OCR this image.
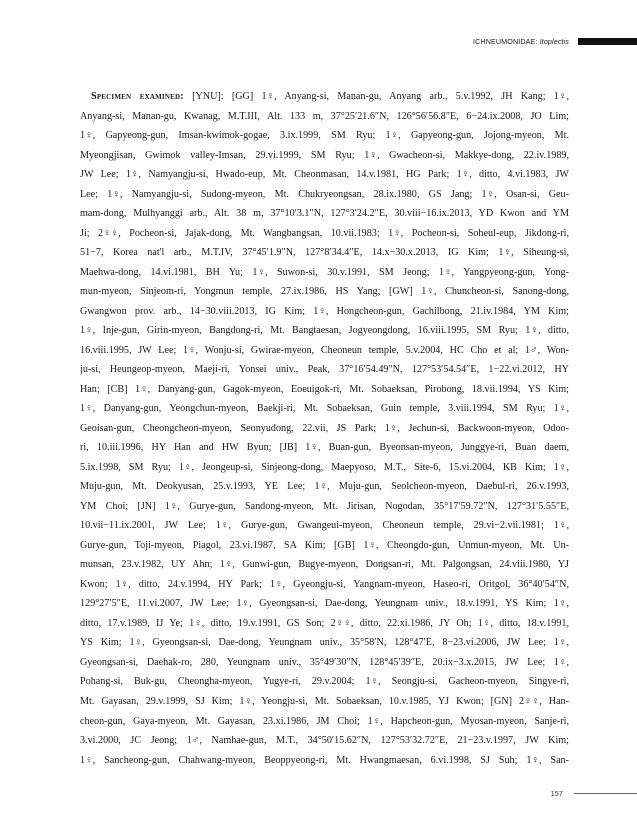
ICHNEUMONIDAE: Itoplectis
Specimen examined: [YNU]: [GG] 1♀, Anyang-si, Manan-gu, Anyang arb., 5.v.1992, JH Kang; 1♀,
Anyang-si, Manan-gu, Kwanag, M.T.III, Alt. 133 m, 37°25′21.6″N, 126°56′56.8″E, 6−24.ix.2008, JO Lim;
1♀, Gapyeong-gun, Imsan-kwimok-gogae, 3.ix.1999, SM Ryu; 1♀, Gapyeong-gun, Jojong-myeon, Mt.
Myeongjisan, Gwimok valley-Imsan, 29.vi.1999, SM Ryu; 1♀, Gwacheon-si, Makkye-dong, 22.iv.1989,
JW Lee; 1♀, Namyangju-si, Hwado-eup, Mt. Cheonmasan, 14.v.1981, HG Park; 1♀, ditto, 4.vi.1983, JW
Lee; 1♀, Namyangju-si, Sudong-myeon, Mt. Chukryeongsan, 28.ix.1980, GS Jang; 1♀, Osan-si, Geu-
mam-dong, Mulhyanggi arb., Alt. 38 m, 37°10′3.1″N, 127°3′24.2″E, 30.viii−16.ix.2013, YD Kwon and YM
Ji; 2♀♀, Pocheon-si, Jajak-dong, Mt. Wangbangsan, 10.vii.1983; 1♀, Pocheon-si, Soheul-eup, Jikdong-ri,
51−7, Korea nat'l arb., M.T.IV, 37°45′1.9″N, 127°8′34.4″E, 14.x−30.x.2013, IG Kim; 1♀, Siheung-si,
Maehwa-dong, 14.vi.1981, BH Yu; 1♀, Suwon-si, 30.v.1991, SM Jeong; 1♀, Yangpyeong-gun, Yong-
mun-myeon, Sinjeom-ri, Yongmun temple, 27.ix.1986, HS Yang; [GW] 1♀, Chuncheon-si, Sanong-dong,
Gwangwon prov. arb., 14−30.viii.2013, IG Kim; 1♀, Hongcheon-gun, Gachilbong, 21.iv.1984, YM Kim;
1♀, Inje-gun, Girin-myeon, Bangdong-ri, Mt. Bangtaesan, Jogyeongdong, 16.viii.1995, SM Ryu; 1♀, ditto,
16.viii.1995, JW Lee; 1♀, Wonju-si, Gwirae-myeon, Cheoneun temple, 5.v.2004, HC Cho et al; 1♂, Won-
ju-si, Heungeop-myeon, Maeji-ri, Yonsei univ., Peak, 37°16′54.49″N, 127°53′54.54″E, 1−22.vi.2012, HY
Han; [CB] 1♀, Danyang-gun, Gagok-myeon, Eoeuigok-ri, Mt. Sobaeksan, Pirobong, 18.vii.1994, YS Kim;
1♀, Danyang-gun, Yeongchun-myeon, Baekji-ri, Mt. Sobaeksan, Guin temple, 3.viii.1994, SM Ryu; 1♀,
Geoisan-gun, Cheongcheon-myeon, Seonyudong, 22.vii, JS Park; 1♀, Jechun-si, Backwoon-myeon, Odoo-
ri, 10.iii.1996, HY Han and HW Byun; [JB] 1♀, Buan-gun, Byeonsan-myeon, Junggye-ri, Buan daem,
5.ix.1998, SM Ryu; 1♀, Jeongeup-si, Sinjeong-dong, Maepyoso, M.T., Site-6, 15.vi.2004, KB Kim; 1♀,
Muju-gun, Mt. Deokyusan, 25.v.1993, YE Lee; 1♀, Muju-gun, Seolcheon-myeon, Daebul-ri, 26.v.1993,
YM Choi; [JN] 1♀, Gurye-gun, Sandong-myeon, Mt. Jirisan, Nogodan, 35°17′59.72″N, 127°31′5.55″E,
10.vii−11.ix.2001, JW Lee; 1♀, Gurye-gun, Gwangeui-myeon, Cheoneun temple, 29.vi−2.vii.1981; 1♀,
Gurye-gun, Toji-myeon, Piagol, 23.vi.1987, SA Kim; [GB] 1♀, Cheongdo-gun, Unmun-myeon, Mt. Un-
munsan, 23.v.1982, UY Ahn; 1♀, Gunwi-gun, Bugye-myeon, Dongsan-ri, Mt. Palgongsan, 24.viii.1980, YJ
Kwon; 1♀, ditto, 24.v.1994, HY Park; 1♀, Gyeongju-si, Yangnam-myeon, Haseo-ri, Oritgol, 36°40′54″N,
129°27′5″E, 11.vi.2007, JW Lee; 1♀, Gyeongsan-si, Dae-dong, Yeungnam univ., 18.v.1991, YS Kim; 1♀,
ditto, 17.v.1989, IJ Ye; 1♀, ditto, 19.v.1991, GS Son; 2♀♀, ditto, 22.xi.1986, JY Oh; 1♀, ditto, 18.v.1991,
YS Kim; 1♀, Gyeongsan-si, Dae-dong, Yeungnam univ., 35°58′N, 128°47′E, 8−23.vi.2006, JW Lee; 1♀,
Gyeongsan-si, Daehak-ro, 280, Yeungnam univ., 35°49′30″N, 128°45′39″E, 20.ix−3.x.2015, JW Lee; 1♀,
Pohang-si, Buk-gu, Cheongha-myeon, Yugye-ri, 29.v.2004; 1♀, Seongju-si, Gacheon-myeon, Singye-ri,
Mt. Gayasan, 29.v.1999, SJ Kim; 1♀, Yeongju-si, Mt. Sobaeksan, 10.v.1985, YJ Kwon; [GN] 2♀♀, Han-
cheon-gun, Gaya-myeon, Mt. Gayasan, 23.xi.1986, JM Choi; 1♀, Hapcheon-gun, Myosan-myeon, Sanje-ri,
3.vi.2000, JC Jeong; 1♂, Namhae-gun, M.T., 34°50′15.62″N, 127°53′32.72″E, 21−23.v.1997, JW Kim;
1♀, Sancheong-gun, Chahwang-myeon, Beoppyeong-ri, Mt. Hwangmaesan, 6.vi.1998, SJ Suh; 1♀, San-
157
